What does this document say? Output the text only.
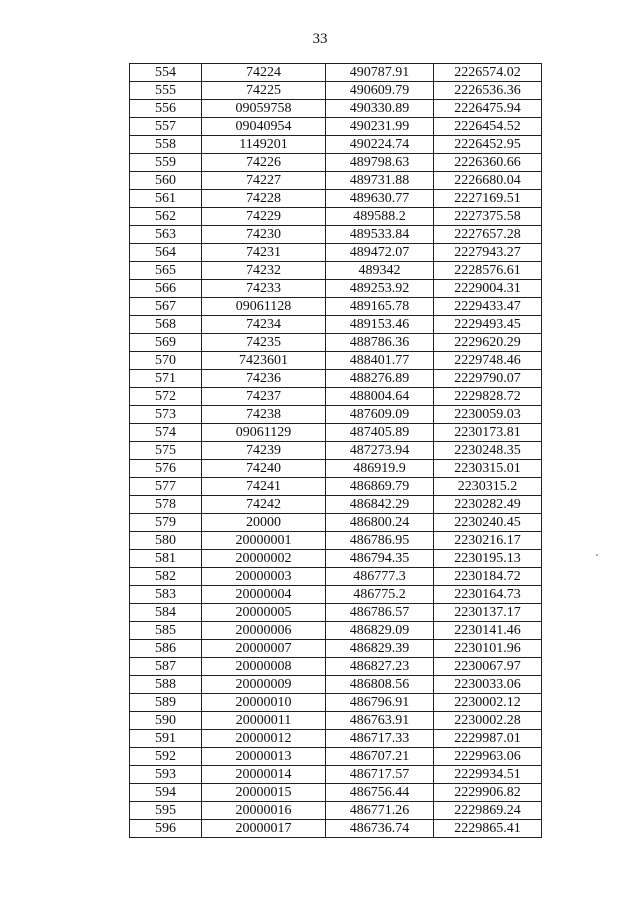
33
554	74224	490787.91	2226574.02
555	74225	490609.79	2226536.36
556	09059758	490330.89	2226475.94
557	09040954	490231.99	2226454.52
558	1149201	490224.74	2226452.95
559	74226	489798.63	2226360.66
560	74227	489731.88	2226680.04
561	74228	489630.77	2227169.51
562	74229	489588.2	2227375.58
563	74230	489533.84	2227657.28
564	74231	489472.07	2227943.27
565	74232	489342	2228576.61
566	74233	489253.92	2229004.31
567	09061128	489165.78	2229433.47
568	74234	489153.46	2229493.45
569	74235	488786.36	2229620.29
570	7423601	488401.77	2229748.46
571	74236	488276.89	2229790.07
572	74237	488004.64	2229828.72
573	74238	487609.09	2230059.03
574	09061129	487405.89	2230173.81
575	74239	487273.94	2230248.35
576	74240	486919.9	2230315.01
577	74241	486869.79	2230315.2
578	74242	486842.29	2230282.49
579	20000	486800.24	2230240.45
580	20000001	486786.95	2230216.17
581	20000002	486794.35	2230195.13
582	20000003	486777.3	2230184.72
583	20000004	486775.2	2230164.73
584	20000005	486786.57	2230137.17
585	20000006	486829.09	2230141.46
586	20000007	486829.39	2230101.96
587	20000008	486827.23	2230067.97
588	20000009	486808.56	2230033.06
589	20000010	486796.91	2230002.12
590	20000011	486763.91	2230002.28
591	20000012	486717.33	2229987.01
592	20000013	486707.21	2229963.06
593	20000014	486717.57	2229934.51
594	20000015	486756.44	2229906.82
595	20000016	486771.26	2229869.24
596	20000017	486736.74	2229865.41
